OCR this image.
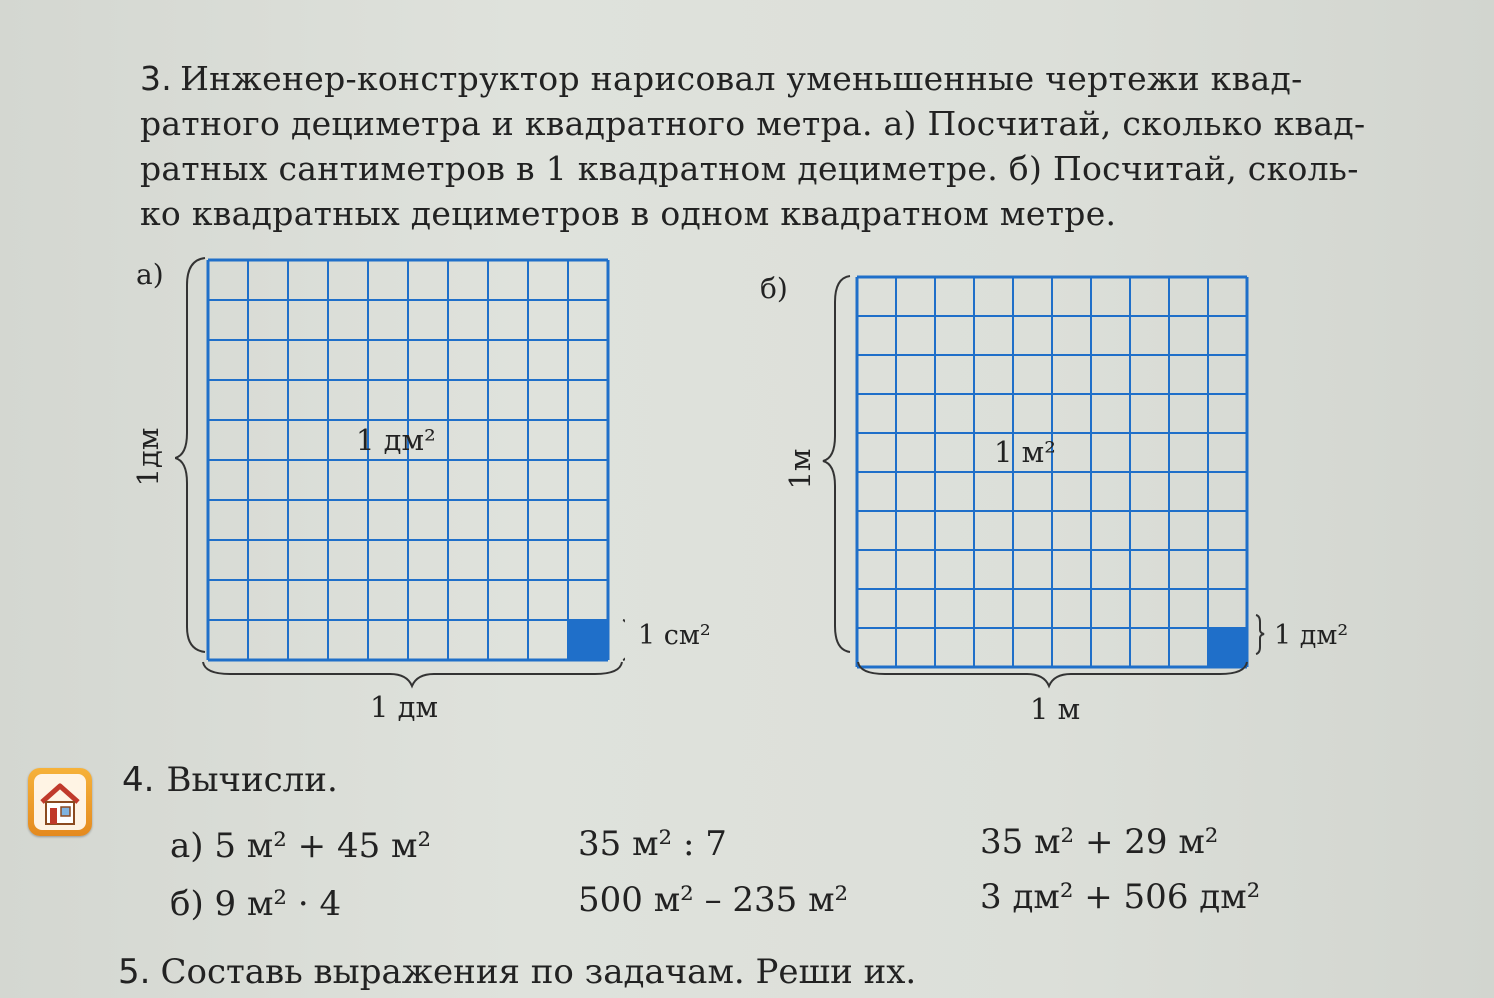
3. Инженер-конструктор нарисовал уменьшенные чертежи квад-
ратного дециметра и квадратного метра. а) Посчитай, сколько квад-
ратных сантиметров в 1 квадратном дециметре. б) Посчитай, сколь-
ко квадратных дециметров в одном квадратном метре.
а)
1дм
1 дм
1 дм²
1 см²
б)
1м
1 м
1 м²
1 дм²
4. Вычисли.
а) 5 м² + 45 м²	35 м² : 7	35 м² + 29 м²
б) 9 м² · 4	500 м² – 235 м²	3 дм² + 506 дм²
5. Составь выражения по задачам. Реши их.
